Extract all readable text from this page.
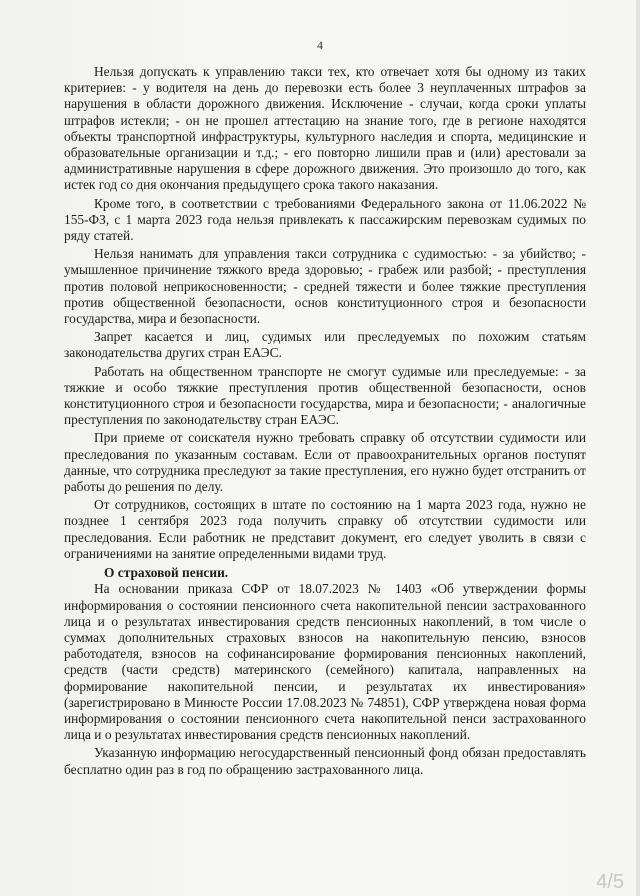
4

Нельзя допускать к управлению такси тех, кто отвечает хотя бы одному из таких критериев: - у водителя на день до перевозки есть более 3 неуплаченных штрафов за нарушения в области дорожного движения. Исключение - случаи, когда сроки уплаты штрафов истекли; - он не прошел аттестацию на знание того, где в регионе находятся объекты транспортной инфраструктуры, культурного наследия и спорта, медицинские и образовательные организации и т.д.; - его повторно лишили прав и (или) арестовали за административные нарушения в сфере дорожного движения. Это произошло до того, как истек год со дня окончания предыдущего срока такого наказания.

Кроме того, в соответствии с требованиями Федерального закона от 11.06.2022 № 155-ФЗ, с 1 марта 2023 года нельзя привлекать к пассажирским перевозкам судимых по ряду статей.

Нельзя нанимать для управления такси сотрудника с судимостью: - за убийство; - умышленное причинение тяжкого вреда здоровью; - грабеж или разбой; - преступления против половой неприкосновенности; - средней тяжести и более тяжкие преступления против общественной безопасности, основ конституционного строя и безопасности государства, мира и безопасности.

Запрет касается и лиц, судимых или преследуемых по похожим статьям законодательства других стран ЕАЭС.

Работать на общественном транспорте не смогут судимые или преследуемые: - за тяжкие и особо тяжкие преступления против общественной безопасности, основ конституционного строя и безопасности государства, мира и безопасности; - аналогичные преступления по законодательству стран ЕАЭС.

При приеме от соискателя нужно требовать справку об отсутствии судимости или преследования по указанным составам. Если от правоохранительных органов поступят данные, что сотрудника преследуют за такие преступления, его нужно будет отстранить от работы до решения по делу.

От сотрудников, состоящих в штате по состоянию на 1 марта 2023 года, нужно не позднее 1 сентября 2023 года получить справку об отсутствии судимости или преследования. Если работник не представит документ, его следует уволить в связи с ограничениями на занятие определенными видами труд.

О страховой пенсии.

На основании приказа СФР от 18.07.2023 № 1403 «Об утверждении формы информирования о состоянии пенсионного счета накопительной пенсии застрахованного лица и о результатах инвестирования средств пенсионных накоплений, в том числе о суммах дополнительных страховых взносов на накопительную пенсию, взносов работодателя, взносов на софинансирование формирования пенсионных накоплений, средств (части средств) материнского (семейного) капитала, направленных на формирование накопительной пенсии, и результатах их инвестирования» (зарегистрировано в Минюсте России 17.08.2023 № 74851), СФР утверждена новая форма информирования о состоянии пенсионного счета накопительной пенси застрахованного лица и о результатах инвестирования средств пенсионных накоплений.

Указанную информацию негосударственный пенсионный фонд обязан предоставлять бесплатно один раз в год по обращению застрахованного лица.

4/5
